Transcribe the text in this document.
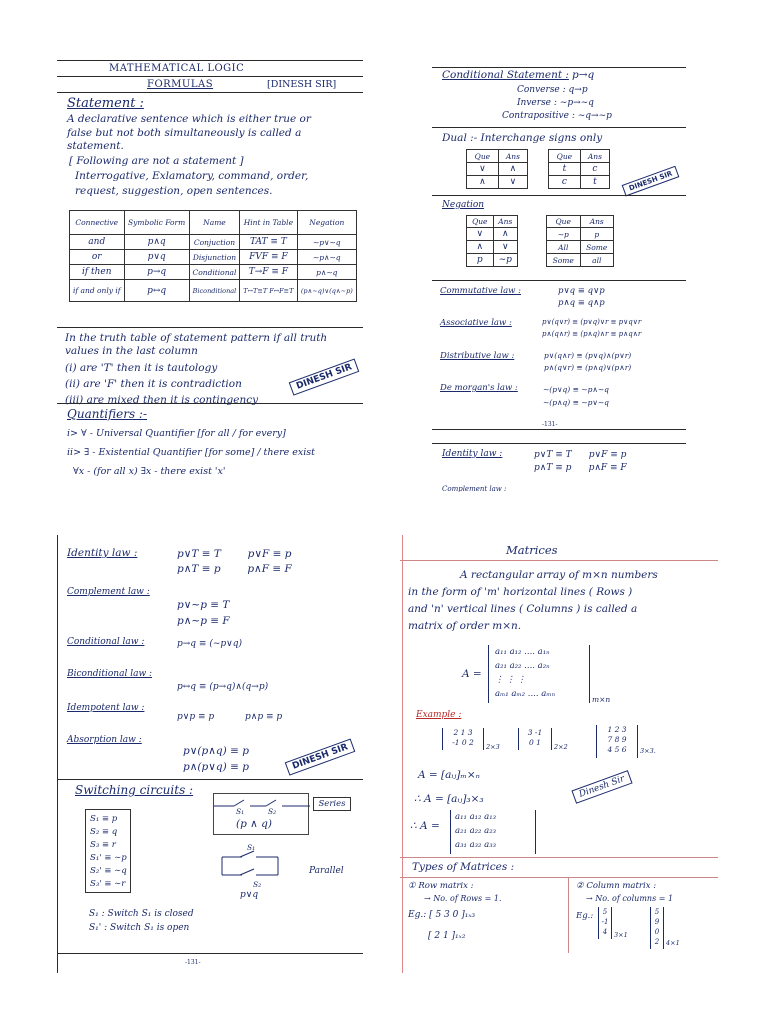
MATHEMATICAL LOGIC
FORMULAS	[DINESH SIR]
Statement :
A declarative sentence which is either true or
false but not both simultaneously is called a
statement.
[ Following are not a statement ]
Interrogative, Exlamatory, command, order,
request, suggestion, open sentences.
Connective	Symbolic Form	Name	Hint in Table	Negation
and	p∧q	Conjuction	TAT ≡ T	∼p∨∼q
or	p∨q	Disjunction	FVF ≡ F	∼p∧∼q
if then	p→q	Conditional	T→F ≡ F	p∧∼q
if and only if	p↔q	Biconditional	T↔T≡T F↔F≡T	(p∧∼q)∨(q∧∼p)
In the truth table of statement pattern if all truth
values in the last column
(i) are 'T' then it is tautology
(ii) are 'F' then it is contradiction
(iii) are mixed then it is contingency
DINESH SIR
Quantifiers :-
i> ∀ - Universal Quantifier [for all / for every]
ii> ∃ - Existential Quantifier [for some] / there exist
∀x - (for all x) ∃x - there exist 'x'
Conditional Statement : p→q
Converse : q→p
Inverse : ∼p→∼q
Contrapositive : ∼q→∼p
Dual :- Interchange signs only
Que	Ans
∨	∧
∧	∨
Que	Ans
t	c
c	t	DINESH SIR
Negation
Que	Ans
∨	∧
∧	∨
p	∼p
Que	Ans
∼p	p
All	Some
Some	all
Commutative law :	p∨q ≡ q∨p
p∧q ≡ q∧p
Associative law :	p∨(q∨r) ≡ (p∨q)∨r ≡ p∨q∨r
p∧(q∧r) ≡ (p∧q)∧r ≡ p∧q∧r
Distributive law :	p∨(q∧r) ≡ (p∨q)∧(p∨r)
p∧(q∨r) ≡ (p∧q)∨(p∧r)
De morgan's law :	∼(p∨q) ≡ ∼p∧∼q
∼(p∧q) ≡ ∼p∨∼q
-131-
Identity law :	p∨T ≡ T p∨F ≡ p
p∧T ≡ p p∧F ≡ F
Complement law :
Identity law :	p∨T ≡ T	p∨F ≡ p
p∧T ≡ p	p∧F ≡ F
Complement law :
p∨∼p ≡ T
p∧∼p ≡ F
Conditional law :	p→q ≡ (∼p∨q)
Biconditional law :
p↔q ≡ (p→q)∧(q→p)
Idempotent law :
p∨p ≡ p	p∧p ≡ p
Absorption law :
p∨(p∧q) ≡ p
p∧(p∨q) ≡ p	DINESH SIR
Switching circuits :
S₁ ≡ p
S₂ ≡ q
S₃ ≡ r
S₁' ≡ ∼p
S₂' ≡ ∼q
S₃' ≡ ∼r
S₁	S₂
(p ∧ q)
Series
S₁
S₂
p∨q
Parallel
S₁ : Switch S₁ is closed
S₁' : Switch S₁ is open
-131-
Matrices
A rectangular array of m×n numbers
in the form of 'm' horizontal lines ( Rows )
and 'n' vertical lines ( Columns ) is called a
matrix of order m×n.
A =
a₁₁ a₁₂ .... a₁ₙ
a₂₁ a₂₂ .... a₂ₙ
⋮ ⋮ ⋮
aₘ₁ aₘ₂ .... aₘₙ
m×n
Example :
2 1 3
-1 0 2	2×3
3 -1
0 1	2×2
1 2 3
7 8 9
4 5 6	3×3.
A = [aᵢⱼ]ₘ×ₙ
∴ A = [aᵢⱼ]₃×₃	Dinesh Sir
∴ A =
a₁₁ a₁₂ a₁₃
a₂₁ a₂₂ a₂₃
a₃₁ a₃₂ a₃₃
Types of Matrices :
① Row matrix :
→ No. of Rows = 1.
Eg.: [ 5 3 0 ]₁ₓ₃
[ 2 1 ]₁ₓ₂
② Column matrix :
→ No. of columns = 1
Eg.:	5
-1
4	3×1
5
9
0
2	4×1
